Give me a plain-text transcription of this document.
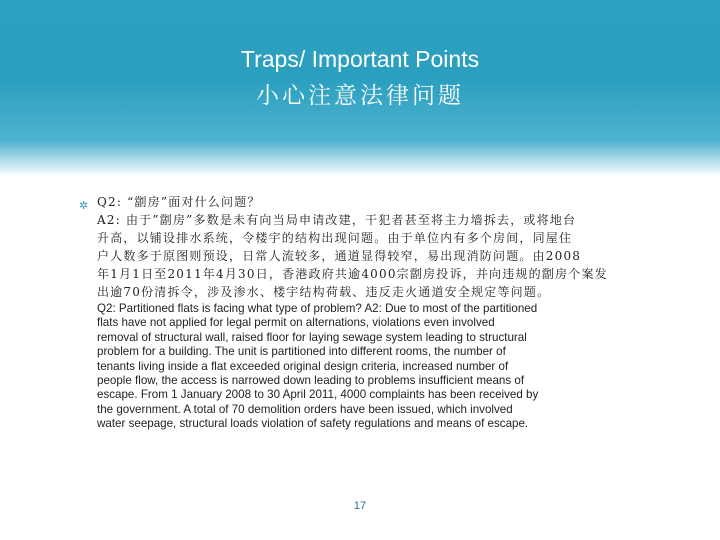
Traps/ Important Points
小心注意法律问题
✲ Q2: “劏房”面对什么问题？
A2: 由于”劏房”多数是未有向当局申请改建，干犯者甚至将主力墙拆去，或将地台
升高，以铺设排水系统，令楼宇的结构出现问题。由于单位内有多个房间，同屋住
户人数多于原图则预设，日常人流较多，通道显得较窄，易出现消防问题。由2008
年1月1日至2011年4月30日，香港政府共逾4000宗劏房投诉，并向违规的劏房个案发
出逾70份清拆令，涉及渗水、楼宇结构荷载、违反走火通道安全规定等问题。
Q2: Partitioned flats is facing what type of problem? A2: Due to most of the partitioned
flats have not applied for legal permit on alternations, violations even involved
removal of structural wall, raised floor for laying sewage system leading to structural
problem for a building. The unit is partitioned into different rooms, the number of
tenants living inside a flat exceeded original design criteria, increased number of
people flow, the access is narrowed down leading to problems insufficient means of
escape. From 1 January 2008 to 30 April 2011, 4000 complaints has been received by
the government. A total of 70 demolition orders have been issued, which involved
water seepage, structural loads violation of safety regulations and means of escape.
17
